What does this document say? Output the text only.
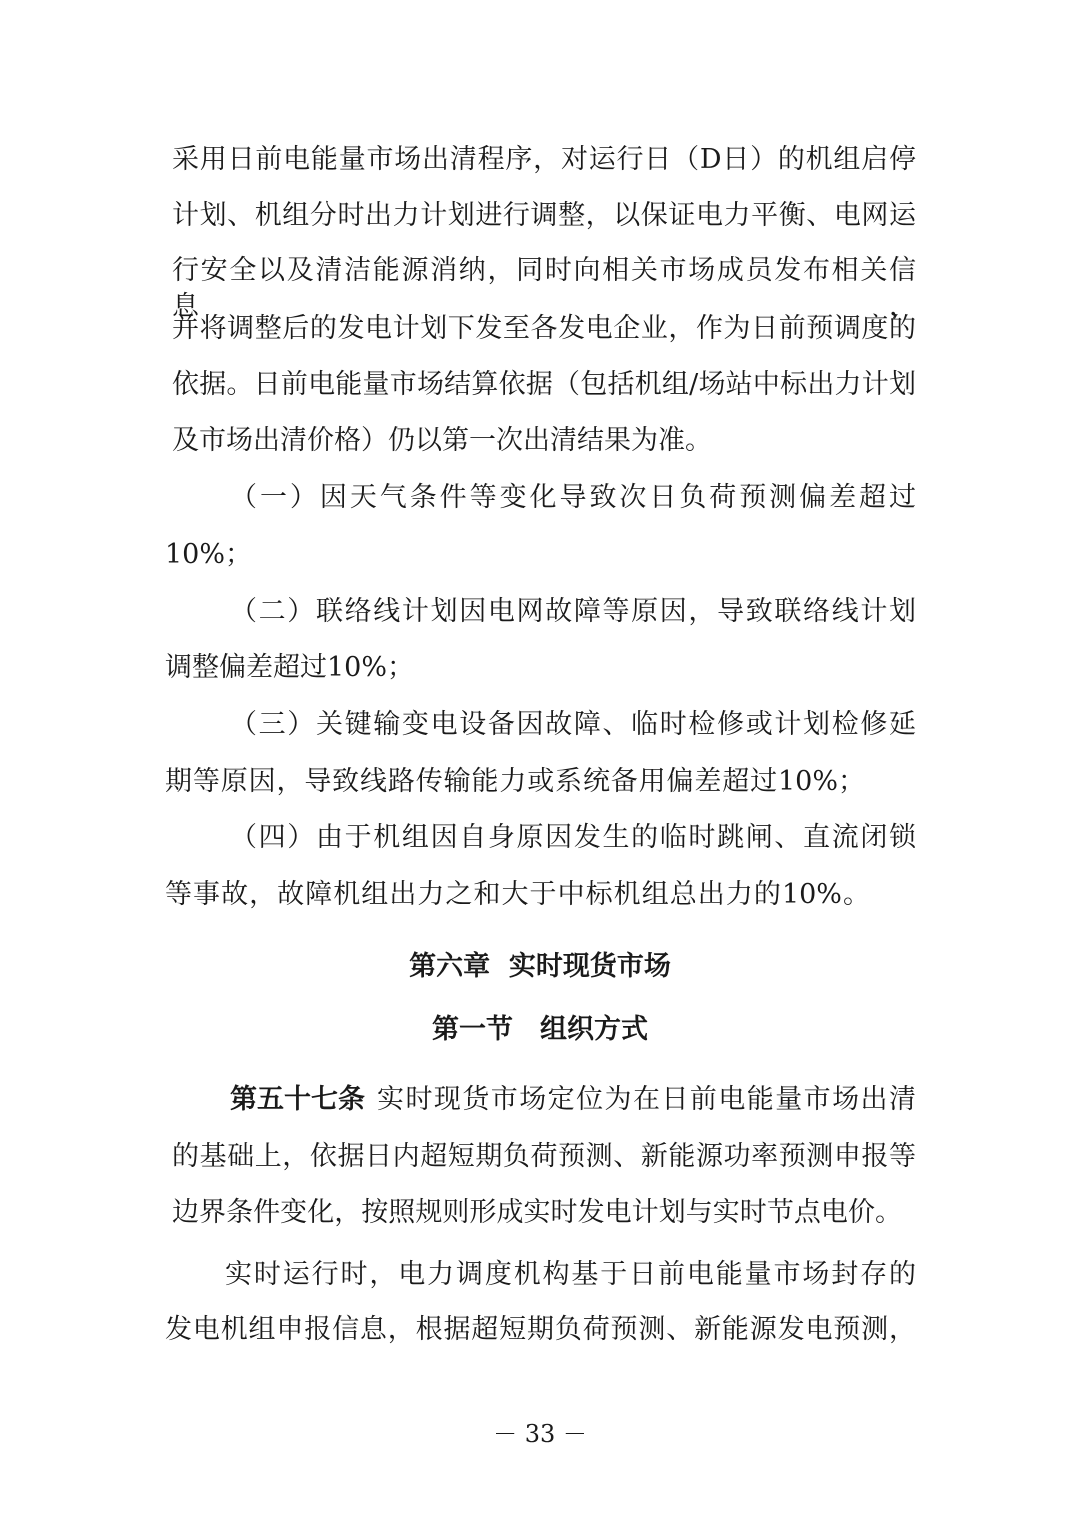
采用日前电能量市场出清程序，对运行日（D日）的机组启停
计划、机组分时出力计划进行调整，以保证电力平衡、电网运
行安全以及清洁能源消纳，同时向相关市场成员发布相关信息，
并将调整后的发电计划下发至各发电企业，作为日前预调度的
依据。日前电能量市场结算依据（包括机组/场站中标出力计划
及市场出清价格）仍以第一次出清结果为准。
（一）因天气条件等变化导致次日负荷预测偏差超过
10%；
（二）联络线计划因电网故障等原因，导致联络线计划
调整偏差超过10%；
（三）关键输变电设备因故障、临时检修或计划检修延
期等原因，导致线路传输能力或系统备用偏差超过10%；
（四）由于机组因自身原因发生的临时跳闸、直流闭锁
等事故，故障机组出力之和大于中标机组总出力的10%。
第六章  实时现货市场
第一节　组织方式
第五十七条 实时现货市场定位为在日前电能量市场出清
的基础上，依据日内超短期负荷预测、新能源功率预测申报等
边界条件变化，按照规则形成实时发电计划与实时节点电价。
实时运行时，电力调度机构基于日前电能量市场封存的
发电机组申报信息，根据超短期负荷预测、新能源发电预测，
－ 33 －
